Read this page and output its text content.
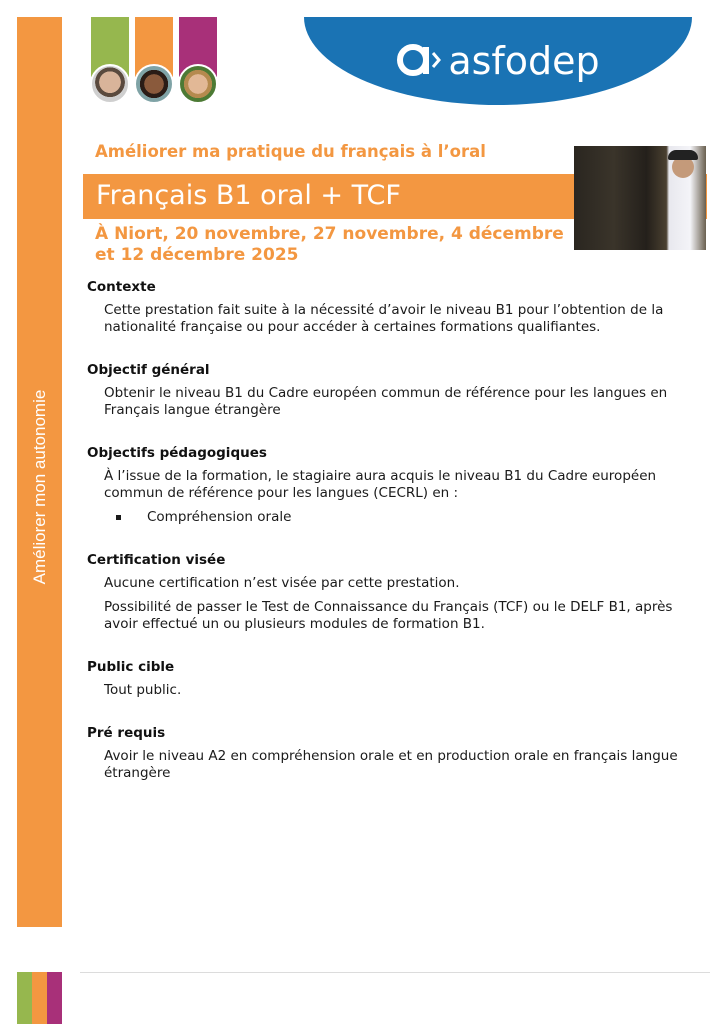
Améliorer mon autonomie
asfodep
Améliorer ma pratique du français à l’oral
Français B1 oral + TCF
À Niort, 20 novembre, 27 novembre, 4 décembre et 12 décembre 2025
Contexte

Cette prestation fait suite à la nécessité d’avoir le niveau B1 pour l’obtention de la nationalité française ou pour accéder à certaines formations qualifiantes.

Objectif général

Obtenir le niveau B1 du Cadre européen commun de référence pour les langues en Français langue étrangère

Objectifs pédagogiques

À l’issue de la formation, le stagiaire aura acquis le niveau B1 du Cadre européen commun de référence pour les langues (CECRL) en :

Compréhension orale
Certification visée

Aucune certification n’est visée par cette prestation.

Possibilité de passer le Test de Connaissance du Français (TCF) ou le DELF B1, après avoir effectué un ou plusieurs modules de formation B1.

Public cible

Tout public.

Pré requis

Avoir le niveau A2 en compréhension orale et en production orale en français langue étrangère
